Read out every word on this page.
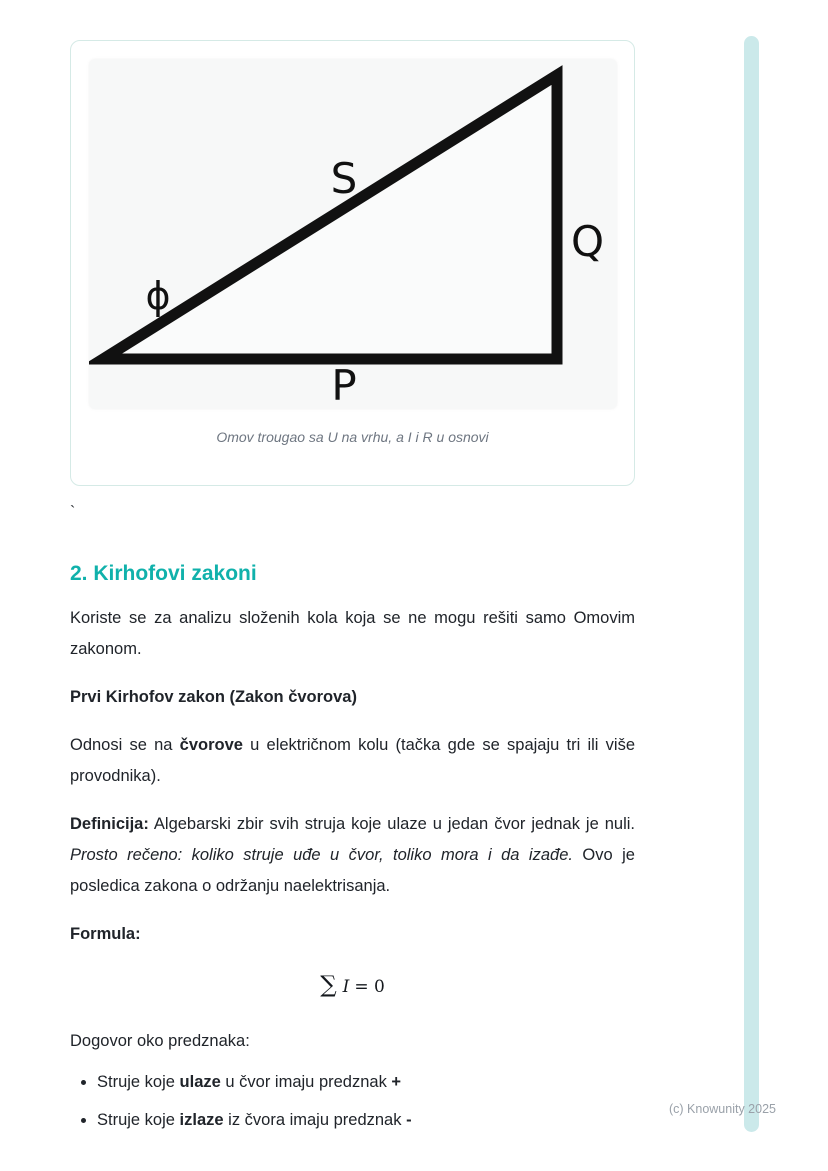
S
Q
P
ϕ
Omov trougao sa U na vrhu, a I i R u osnovi
`
2. Kirhofovi zakoni

Koriste se za analizu složenih kola koja se ne mogu rešiti samo Omovim zakonom.

Prvi Kirhofov zakon (Zakon čvorova)

Odnosi se na čvorove u električnom kolu (tačka gde se spajaju tri ili više provodnika).

Definicija: Algebarski zbir svih struja koje ulaze u jedan čvor jednak je nuli. Prosto rečeno: koliko struje uđe u čvor, toliko mora i da izađe. Ovo je posledica zakona o održanju naelektrisanja.

Formula:

∑ I = 0

Dogovor oko predznaka:

• Struje koje ulaze u čvor imaju predznak +
• Struje koje izlaze iz čvora imaju predznak -
(c) Knowunity 2025
